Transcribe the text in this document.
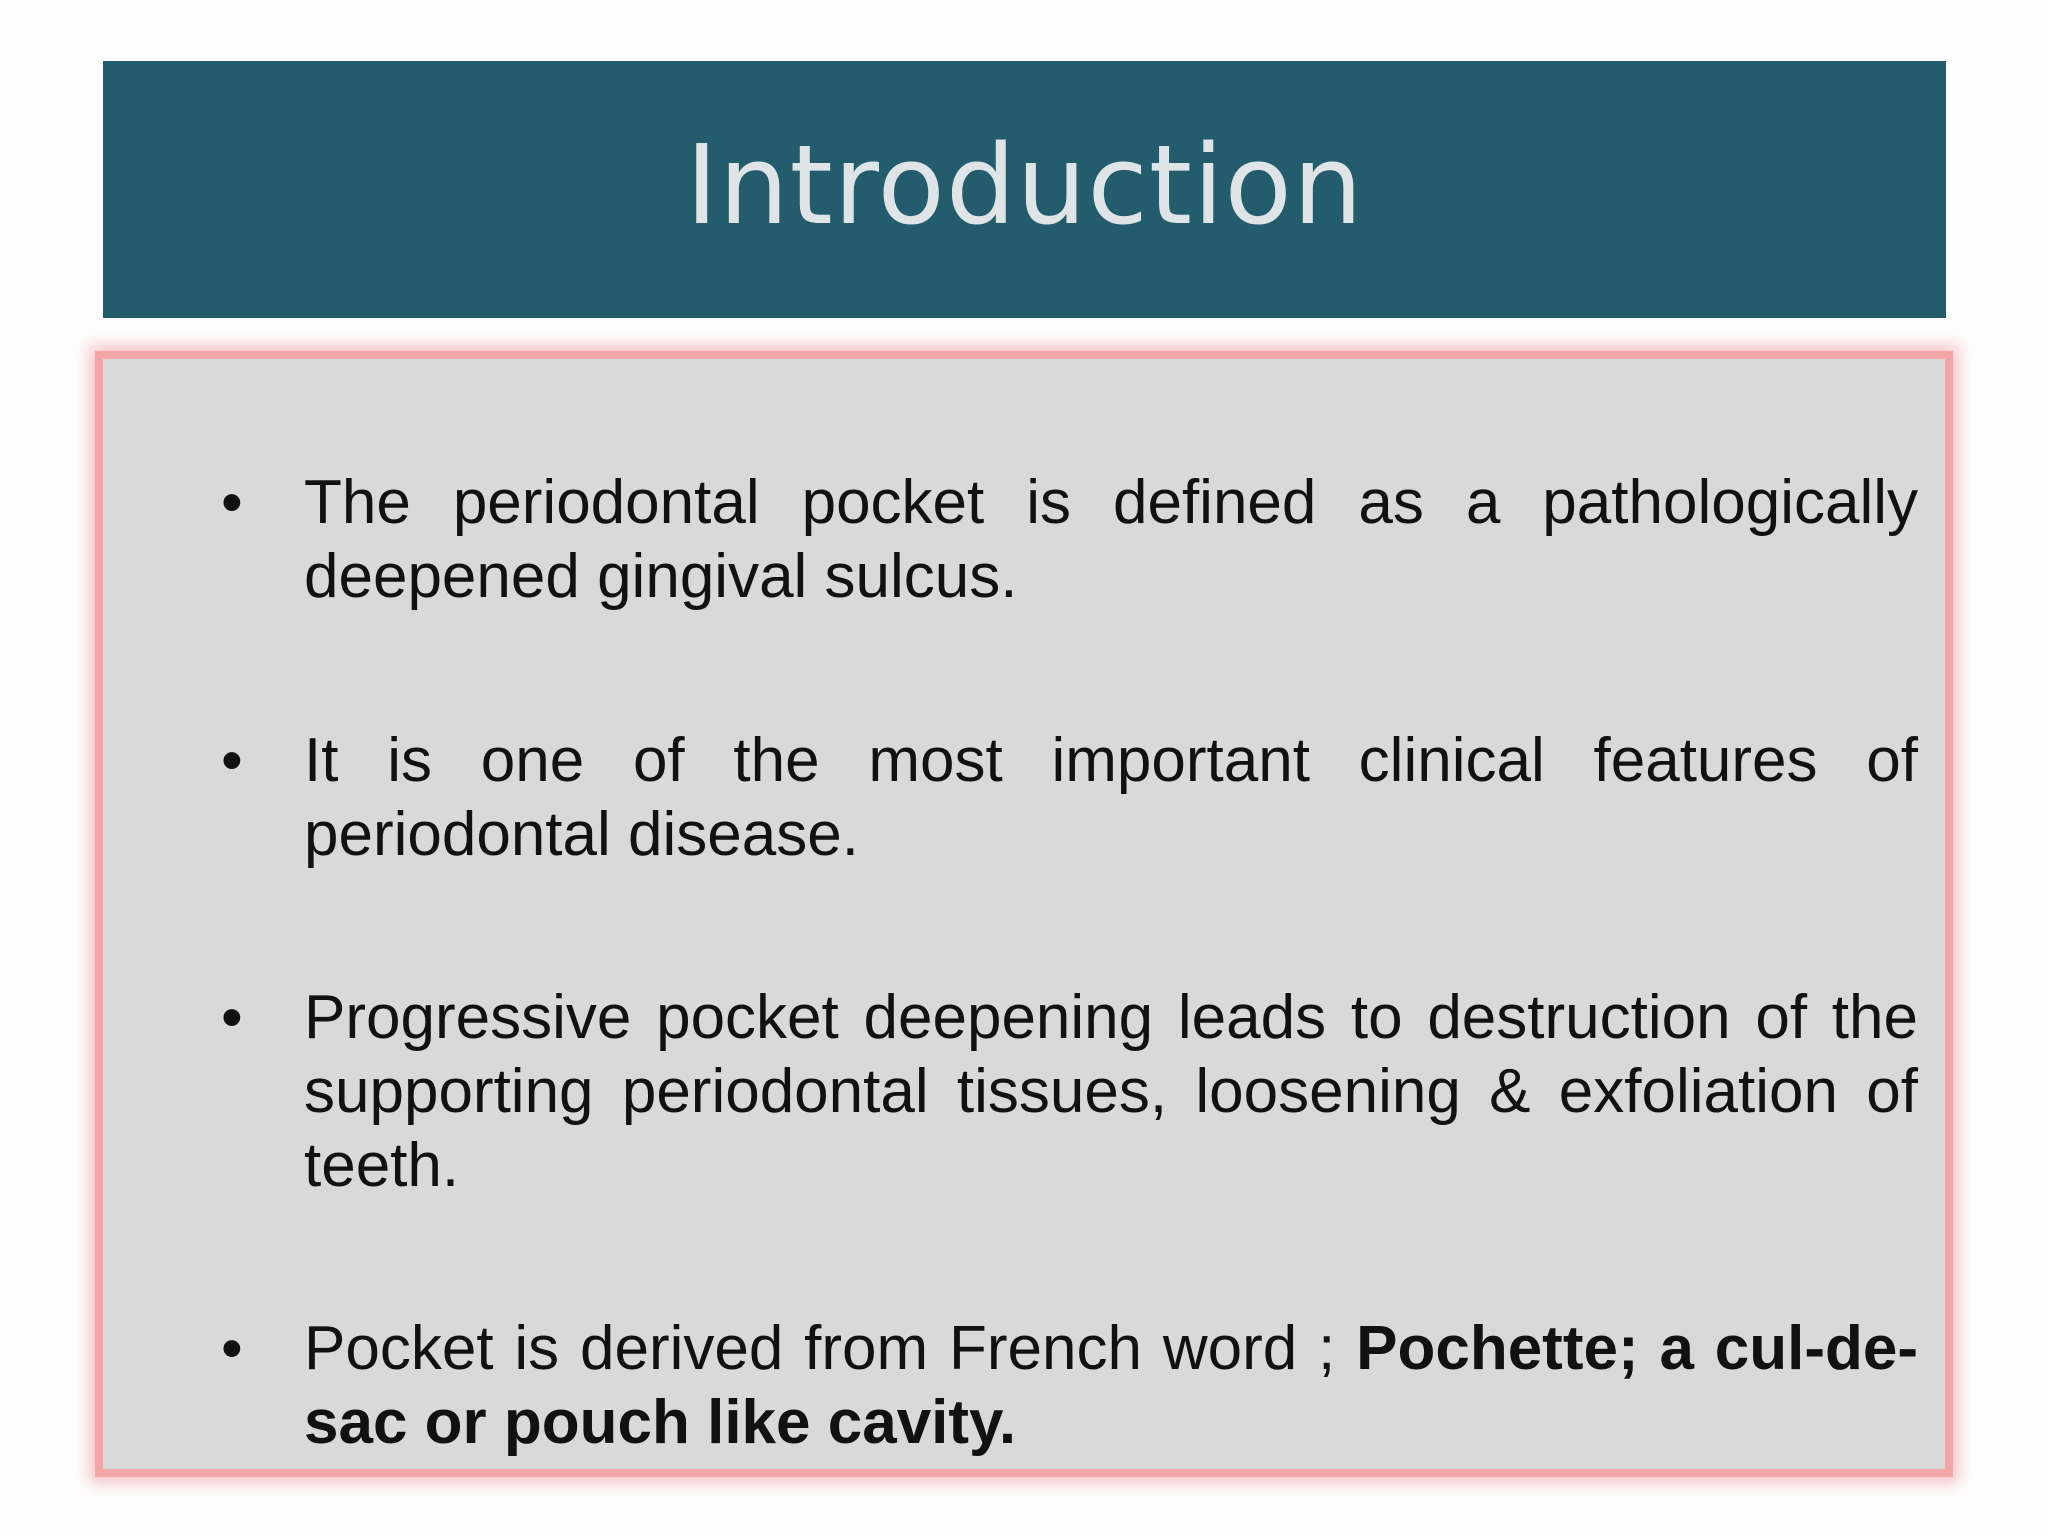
Introduction
• The periodontal pocket is defined as a pathologically deepened gingival sulcus.
• It is one of the most important clinical features of periodontal disease.
• Progressive pocket deepening leads to destruction of the supporting periodontal tissues, loosening & exfoliation of teeth.
• Pocket is derived from French word ; Pochette; a cul-de-sac or pouch like cavity.
